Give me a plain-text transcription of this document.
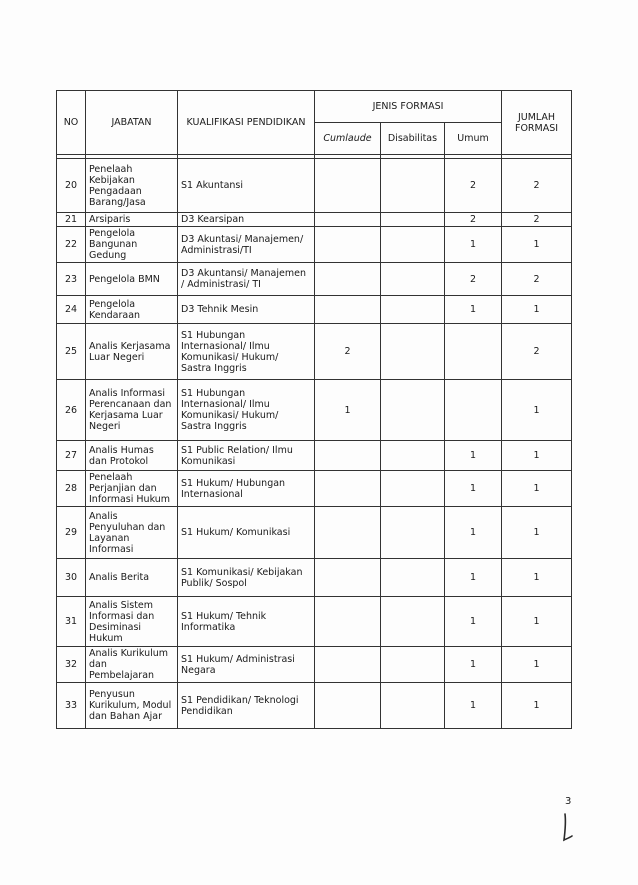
NO	JABATAN	KUALIFIKASI PENDIDIKAN	JENIS FORMASI			JUMLAH FORMASI
			Cumlaude	Disabilitas	Umum	

20	Penelaah Kebijakan Pengadaan Barang/Jasa	S1 Akuntansi			2	2
21	Arsiparis	D3 Kearsipan			2	2
22	Pengelola Bangunan Gedung	D3 Akuntasi/ Manajemen/ Administrasi/TI			1	1
23	Pengelola BMN	D3 Akuntansi/ Manajemen / Administrasi/ TI			2	2
24	Pengelola Kendaraan	D3 Tehnik Mesin			1	1
25	Analis Kerjasama Luar Negeri	S1 Hubungan Internasional/ Ilmu Komunikasi/ Hukum/ Sastra Inggris	2			2
26	Analis Informasi Perencanaan dan Kerjasama Luar Negeri	S1 Hubungan Internasional/ Ilmu Komunikasi/ Hukum/ Sastra Inggris	1			1
27	Analis Humas dan Protokol	S1 Public Relation/ Ilmu Komunikasi			1	1
28	Penelaah Perjanjian dan Informasi Hukum	S1 Hukum/ Hubungan Internasional			1	1
29	Analis Penyuluhan dan Layanan Informasi	S1 Hukum/ Komunikasi			1	1
30	Analis Berita	S1 Komunikasi/ Kebijakan Publik/ Sospol			1	1
31	Analis Sistem Informasi dan Desiminasi Hukum	S1 Hukum/ Tehnik Informatika			1	1
32	Analis Kurikulum dan Pembelajaran	S1 Hukum/ Administrasi Negara			1	1
33	Penyusun Kurikulum, Modul dan Bahan Ajar	S1 Pendidikan/ Teknologi Pendidikan			1	1
3
